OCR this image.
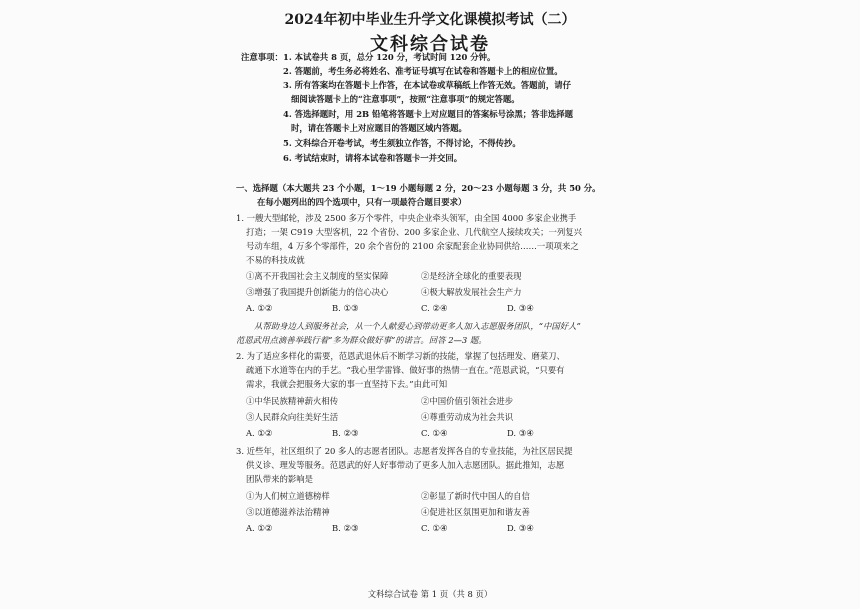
2024年初中毕业生升学文化课模拟考试（二）
文科综合试卷
注意事项： 1. 本试卷共 8 页，总分 120 分，考试时间 120 分钟。
2. 答题前，考生务必将姓名、准考证号填写在试卷和答题卡上的相应位置。
3. 所有答案均在答题卡上作答，在本试卷或草稿纸上作答无效。答题前，请仔
细阅读答题卡上的“注意事项”，按照“注意事项”的规定答题。
4. 答选择题时，用 2B 铅笔将答题卡上对应题目的答案标号涂黑；答非选择题
时，请在答题卡上对应题目的答题区域内答题。
5. 文科综合开卷考试，考生须独立作答，不得讨论，不得传抄。
6. 考试结束时，请将本试卷和答题卡一并交回。
一、选择题（本大题共 23 个小题，1～19 小题每题 2 分，20～23 小题每题 3 分，共 50 分。
在每小题列出的四个选项中，只有一项最符合题目要求）
1. 一艘大型邮轮，涉及 2500 多万个零件，中央企业牵头领军，由全国 4000 多家企业携手
打造；一架 C919 大型客机，22 个省份、200 多家企业、几代航空人接续攻关；一列复兴
号动车组，4 万多个零部件，20 余个省份的 2100 余家配套企业协同供给……一项项来之
不易的科技成就
①离不开我国社会主义制度的坚实保障	②是经济全球化的重要表现
③增强了我国提升创新能力的信心决心	④极大解放发展社会生产力
A. ①②	B. ①③	C. ②④	D. ③④
从帮助身边人到服务社会，从一个人献爱心到带动更多人加入志愿服务团队，“中国好人”
范恩武用点滴善举践行着“多为群众做好事”的诺言。回答 2—3 题。
2. 为了适应多样化的需要，范恩武退休后不断学习新的技能，掌握了包括理发、磨菜刀、
疏通下水道等在内的手艺。“我心里学雷锋、做好事的热情一直在。”范恩武说，“只要有
需求，我就会把服务大家的事一直坚持下去。”由此可知
①中华民族精神薪火相传	②中国价值引领社会进步
③人民群众向往美好生活	④尊重劳动成为社会共识
A. ①②	B. ②③	C. ①④	D. ③④
3. 近些年，社区组织了 20 多人的志愿者团队。志愿者发挥各自的专业技能，为社区居民提
供义诊、理发等服务。范恩武的好人好事带动了更多人加入志愿团队。据此推知，志愿
团队带来的影响是
①为人们树立道德榜样	②彰显了新时代中国人的自信
③以道德滋养法治精神	④促进社区氛围更加和谐友善
A. ①②	B. ②③	C. ①④	D. ③④
文科综合试卷 第 1 页（共 8 页）
